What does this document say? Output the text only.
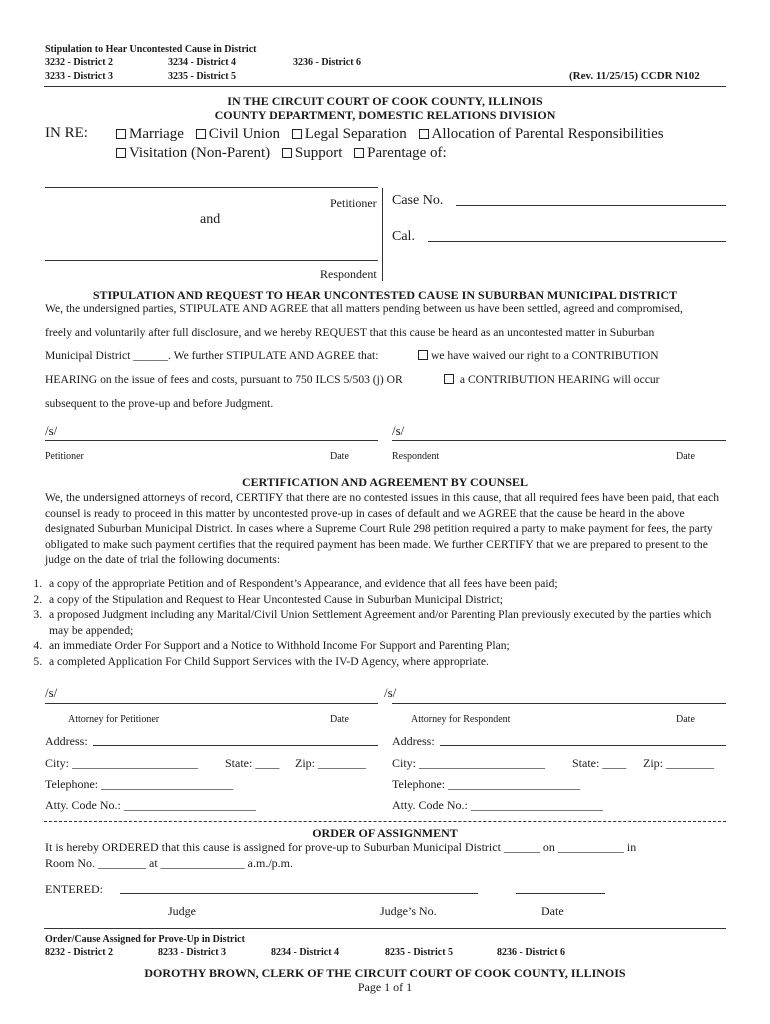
Stipulation to Hear Uncontested Cause in District
3232 - District 2	3234 - District 4	3236 - District 6
3233 - District 3	3235 - District 5	(Rev. 11/25/15) CCDR N102
IN THE CIRCUIT COURT OF COOK COUNTY, ILLINOIS
COUNTY DEPARTMENT, DOMESTIC RELATIONS DIVISION
IN RE:	Marriage Civil Union Legal Separation Allocation of Parental Responsibilities
Visitation (Non-Parent) Support Parentage of:
Petitioner
and
Respondent
Case No.
Cal.
STIPULATION AND REQUEST TO HEAR UNCONTESTED CAUSE IN SUBURBAN MUNICIPAL DISTRICT
We, the undersigned parties, STIPULATE AND AGREE that all matters pending between us have been settled, agreed and compromised,
freely and voluntarily after full disclosure, and we hereby REQUEST that this cause be heard as an uncontested matter in Suburban
Municipal District ______. We further STIPULATE AND AGREE that:	we have waived our right to a CONTRIBUTION
HEARING on the issue of fees and costs, pursuant to 750 ILCS 5/503 (j) OR	a CONTRIBUTION HEARING will occur
subsequent to the prove-up and before Judgment.
/s/
Petitioner	Date
/s/
Respondent	Date
CERTIFICATION AND AGREEMENT BY COUNSEL
We, the undersigned attorneys of record, CERTIFY that there are no contested issues in this cause, that all required fees have been paid, that each counsel is ready to proceed in this matter by uncontested prove-up in cases of default and we AGREE that the cause be heard in the above designated Suburban Municipal District. In cases where a Supreme Court Rule 298 petition required a party to make payment for fees, the party obligated to make such payment certifies that the required payment has been made. We further CERTIFY that we are prepared to present to the judge on the date of trial the following documents:
1. a copy of the appropriate Petition and of Respondent’s Appearance, and evidence that all fees have been paid;
2. a copy of the Stipulation and Request to Hear Uncontested Cause in Suburban Municipal District;
3. a proposed Judgment including any Marital/Civil Union Settlement Agreement and/or Parenting Plan previously executed by the parties which may be appended;
4. an immediate Order For Support and a Notice to Withhold Income For Support and Parenting Plan;
5. a completed Application For Child Support Services with the IV-D Agency, where appropriate.
/s/
Attorney for Petitioner	Date
/s/
Attorney for Respondent	Date
Address:
City: _____________________ State: ____ Zip: ________
Telephone: ______________________
Atty. Code No.: ______________________
Address:
City: _____________________ State: ____ Zip: ________
Telephone: ______________________
Atty. Code No.: ______________________
ORDER OF ASSIGNMENT
It is hereby ORDERED that this cause is assigned for prove-up to Suburban Municipal District ______ on ___________ in
Room No. ________ at ______________ a.m./p.m.
ENTERED:
Judge	Judge’s No.	Date
Order/Cause Assigned for Prove-Up in District
8232 - District 2	8233 - District 3	8234 - District 4	8235 - District 5	8236 - District 6
DOROTHY BROWN, CLERK OF THE CIRCUIT COURT OF COOK COUNTY, ILLINOIS
Page 1 of 1
